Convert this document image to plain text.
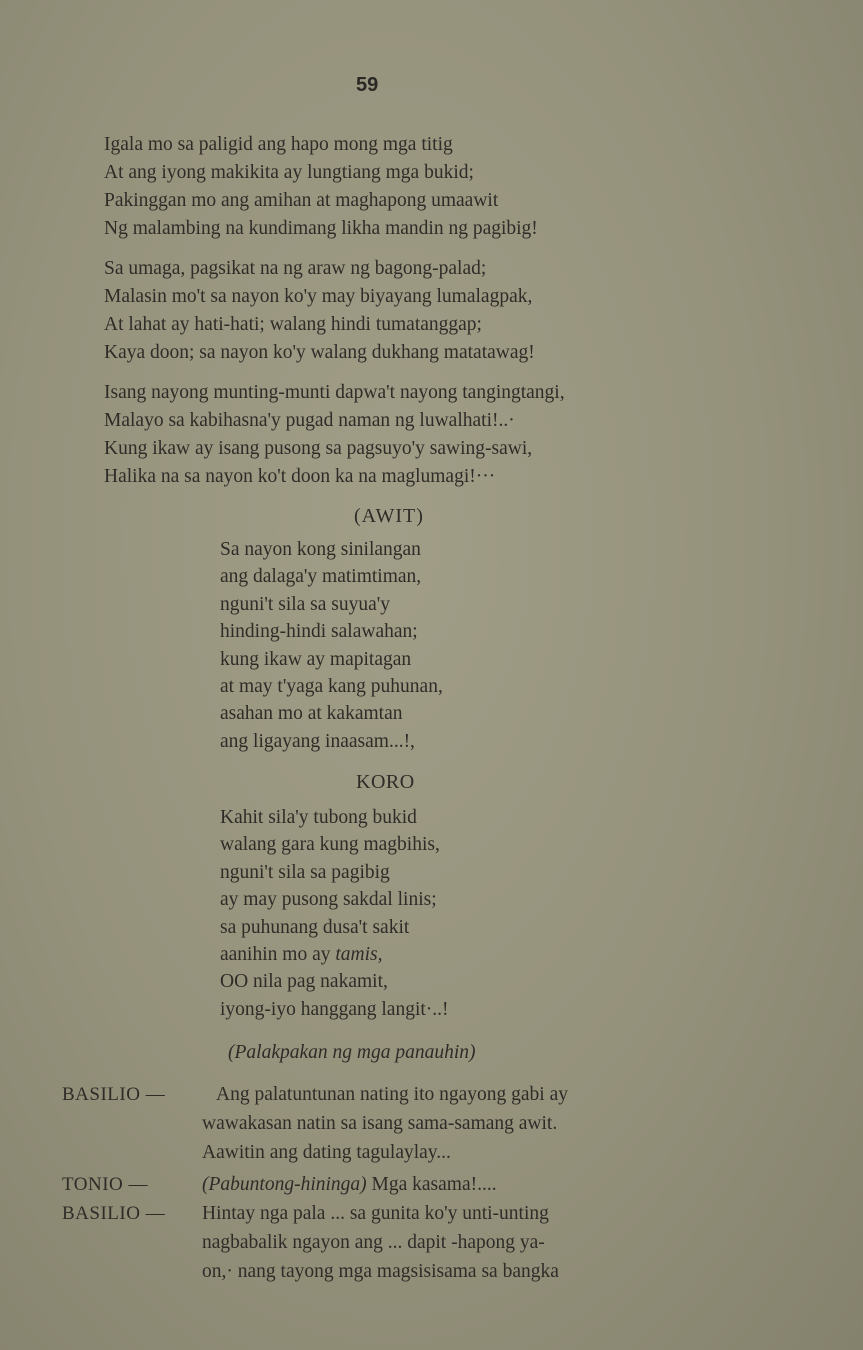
59
Igala mo sa paligid ang hapo mong mga titig
At ang iyong makikita ay lungtiang mga bukid;
Pakinggan mo ang amihan at maghapong umaawit
Ng malambing na kundimang likha mandin ng pagibig!
Sa umaga, pagsikat na ng araw ng bagong-palad;
Malasin mo't sa nayon ko'y may biyayang lumalagpak,
At lahat ay hati-hati; walang hindi tumatanggap;
Kaya doon; sa nayon ko'y walang dukhang matatawag!
Isang nayong munting-munti dapwa't nayong tangingtangi,
Malayo sa kabihasna'y pugad naman ng luwalhati!..·
Kung ikaw ay isang pusong sa pagsuyo'y sawing-sawi,
Halika na sa nayon ko't doon ka na maglumagi!···
(AWIT)
Sa nayon kong sinilangan
ang dalaga'y matimtiman,
nguni't sila sa suyua'y
hinding-hindi salawahan;
kung ikaw ay mapitagan
at may t'yaga kang puhunan,
asahan mo at kakamtan
ang ligayang inaasam...!,
KORO
Kahit sila'y tubong bukid
walang gara kung magbihis,
nguni't sila sa pagibig
ay may pusong sakdal linis;
sa puhunang dusa't sakit
aanihin mo ay tamis,
OO nila pag nakamit,
iyong-iyo hanggang langit·..!
(Palakpakan ng mga panauhin)
BASILIO —	Ang palatuntunan nating ito ngayong gabi ay
wawakasan natin sa isang sama-samang awit.
Aawitin ang dating tagulaylay...
TONIO —	(Pabuntong-hininga) Mga kasama!....
BASILIO — Hintay nga pala ... sa gunita ko'y unti-unting
nagbabalik ngayon ang ... dapit -hapong ya-
on,· nang tayong mga magsisisama sa bangka
